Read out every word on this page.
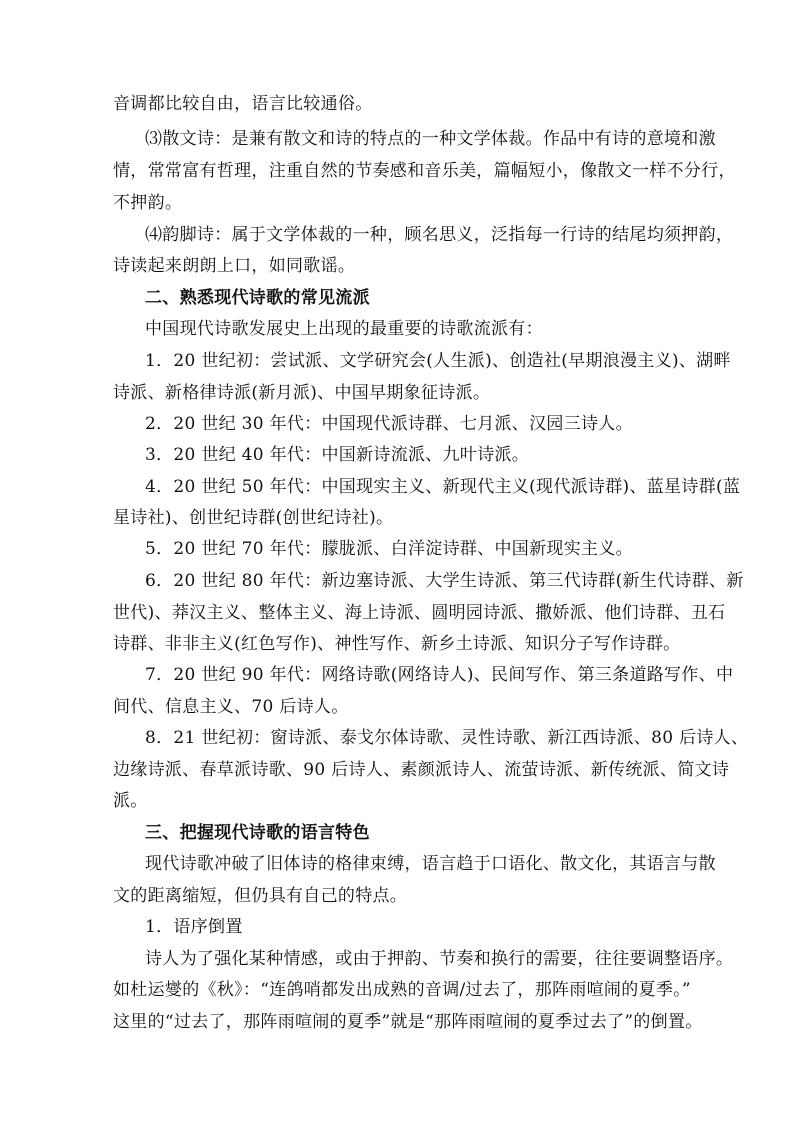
音调都比较自由，语言比较通俗。
⑶散文诗：是兼有散文和诗的特点的一种文学体裁。作品中有诗的意境和激
情，常常富有哲理，注重自然的节奏感和音乐美，篇幅短小，像散文一样不分行，
不押韵。
⑷韵脚诗：属于文学体裁的一种，顾名思义，泛指每一行诗的结尾均须押韵，
诗读起来朗朗上口，如同歌谣。
二、熟悉现代诗歌的常见流派
中国现代诗歌发展史上出现的最重要的诗歌流派有：
1．20 世纪初：尝试派、文学研究会(人生派)、创造社(早期浪漫主义)、湖畔
诗派、新格律诗派(新月派)、中国早期象征诗派。
2．20 世纪 30 年代：中国现代派诗群、七月派、汉园三诗人。
3．20 世纪 40 年代：中国新诗流派、九叶诗派。
4．20 世纪 50 年代：中国现实主义、新现代主义(现代派诗群)、蓝星诗群(蓝
星诗社)、创世纪诗群(创世纪诗社)。
5．20 世纪 70 年代：朦胧派、白洋淀诗群、中国新现实主义。
6．20 世纪 80 年代：新边塞诗派、大学生诗派、第三代诗群(新生代诗群、新
世代)、莽汉主义、整体主义、海上诗派、圆明园诗派、撒娇派、他们诗群、丑石
诗群、非非主义(红色写作)、神性写作、新乡土诗派、知识分子写作诗群。
7．20 世纪 90 年代：网络诗歌(网络诗人)、民间写作、第三条道路写作、中
间代、信息主义、70 后诗人。
8．21 世纪初：窗诗派、泰戈尔体诗歌、灵性诗歌、新江西诗派、80 后诗人、
边缘诗派、春草派诗歌、90 后诗人、素颜派诗人、流萤诗派、新传统派、简文诗
派。
三、把握现代诗歌的语言特色
现代诗歌冲破了旧体诗的格律束缚，语言趋于口语化、散文化，其语言与散
文的距离缩短，但仍具有自己的特点。
1．语序倒置
诗人为了强化某种情感，或由于押韵、节奏和换行的需要，往往要调整语序。
如杜运燮的《秋》：“连鸽哨都发出成熟的音调/过去了，那阵雨喧闹的夏季。”
这里的“过去了，那阵雨喧闹的夏季”就是“那阵雨喧闹的夏季过去了”的倒置。
